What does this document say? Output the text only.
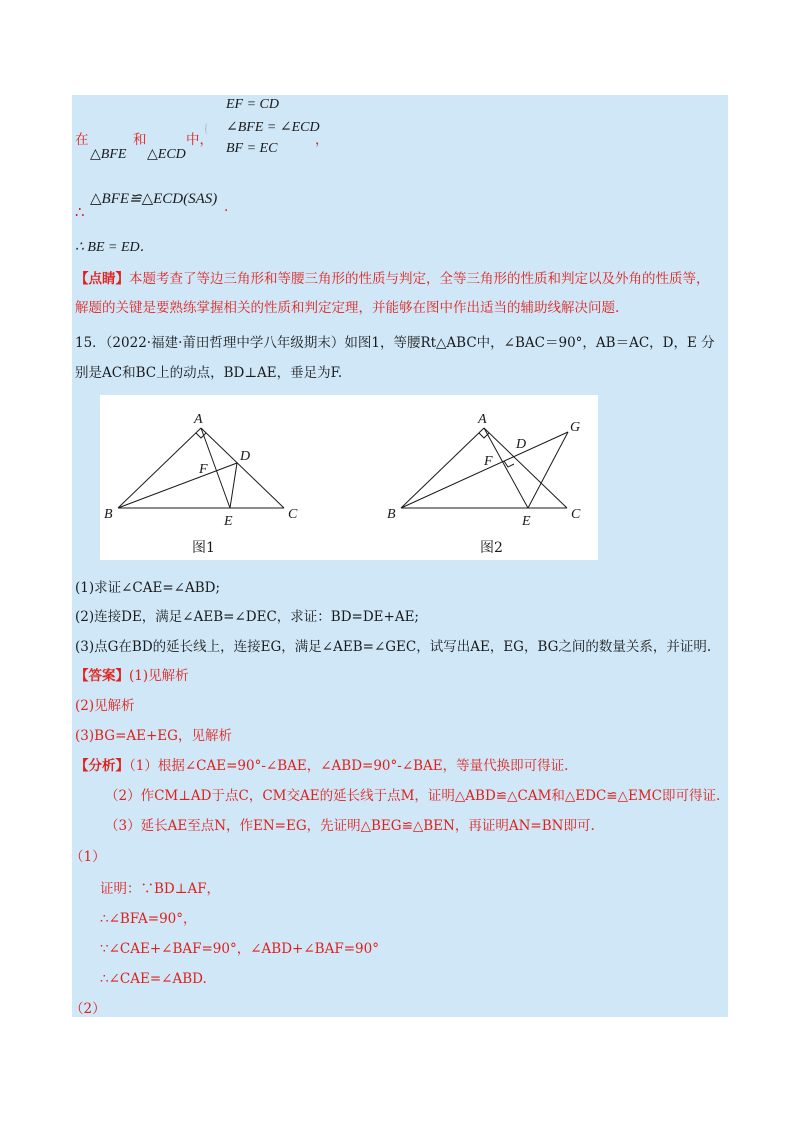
在
△BFE
和
△ECD
中，
EF = CD
∠BFE = ∠ECD
BF = EC
，
∴
△BFE≌△ECD(SAS) .
∴ BE = ED．
【点睛】本题考查了等边三角形和等腰三角形的性质与判定，全等三角形的性质和判定以及外角的性质等，
解题的关键是要熟练掌握相关的性质和判定定理，并能够在图中作出适当的辅助线解决问题.
15．（2022·福建·莆田哲理中学八年级期末）如图1，等腰Rt△ABC中，∠BAC＝90°，AB＝AC，D，E 分
别是AC和BC上的动点，BD⊥AE，垂足为F.
A
B	C
D
E
F
图1
A
B	C
D
E
F
G
图2
(1)求证∠CAE=∠ABD;
(2)连接DE，满足∠AEB=∠DEC，求证：BD=DE+AE;
(3)点G在BD的延长线上，连接EG，满足∠AEB=∠GEC，试写出AE，EG，BG之间的数量关系，并证明.
【答案】(1)见解析
(2)见解析
(3)BG=AE+EG，见解析
【分析】（1）根据∠CAE=90°-∠BAE，∠ABD=90°-∠BAE，等量代换即可得证.
（2）作CM⊥AD于点C，CM交AE的延长线于点M，证明△ABD≌△CAM和△EDC≌△EMC即可得证.
（3）延长AE至点N，作EN=EG，先证明△BEG≌△BEN，再证明AN=BN即可.
（1）
证明：∵BD⊥AF，
∴∠BFA=90°，
∵∠CAE+∠BAF=90°，∠ABD+∠BAF=90°
∴∠CAE=∠ABD.
（2）
